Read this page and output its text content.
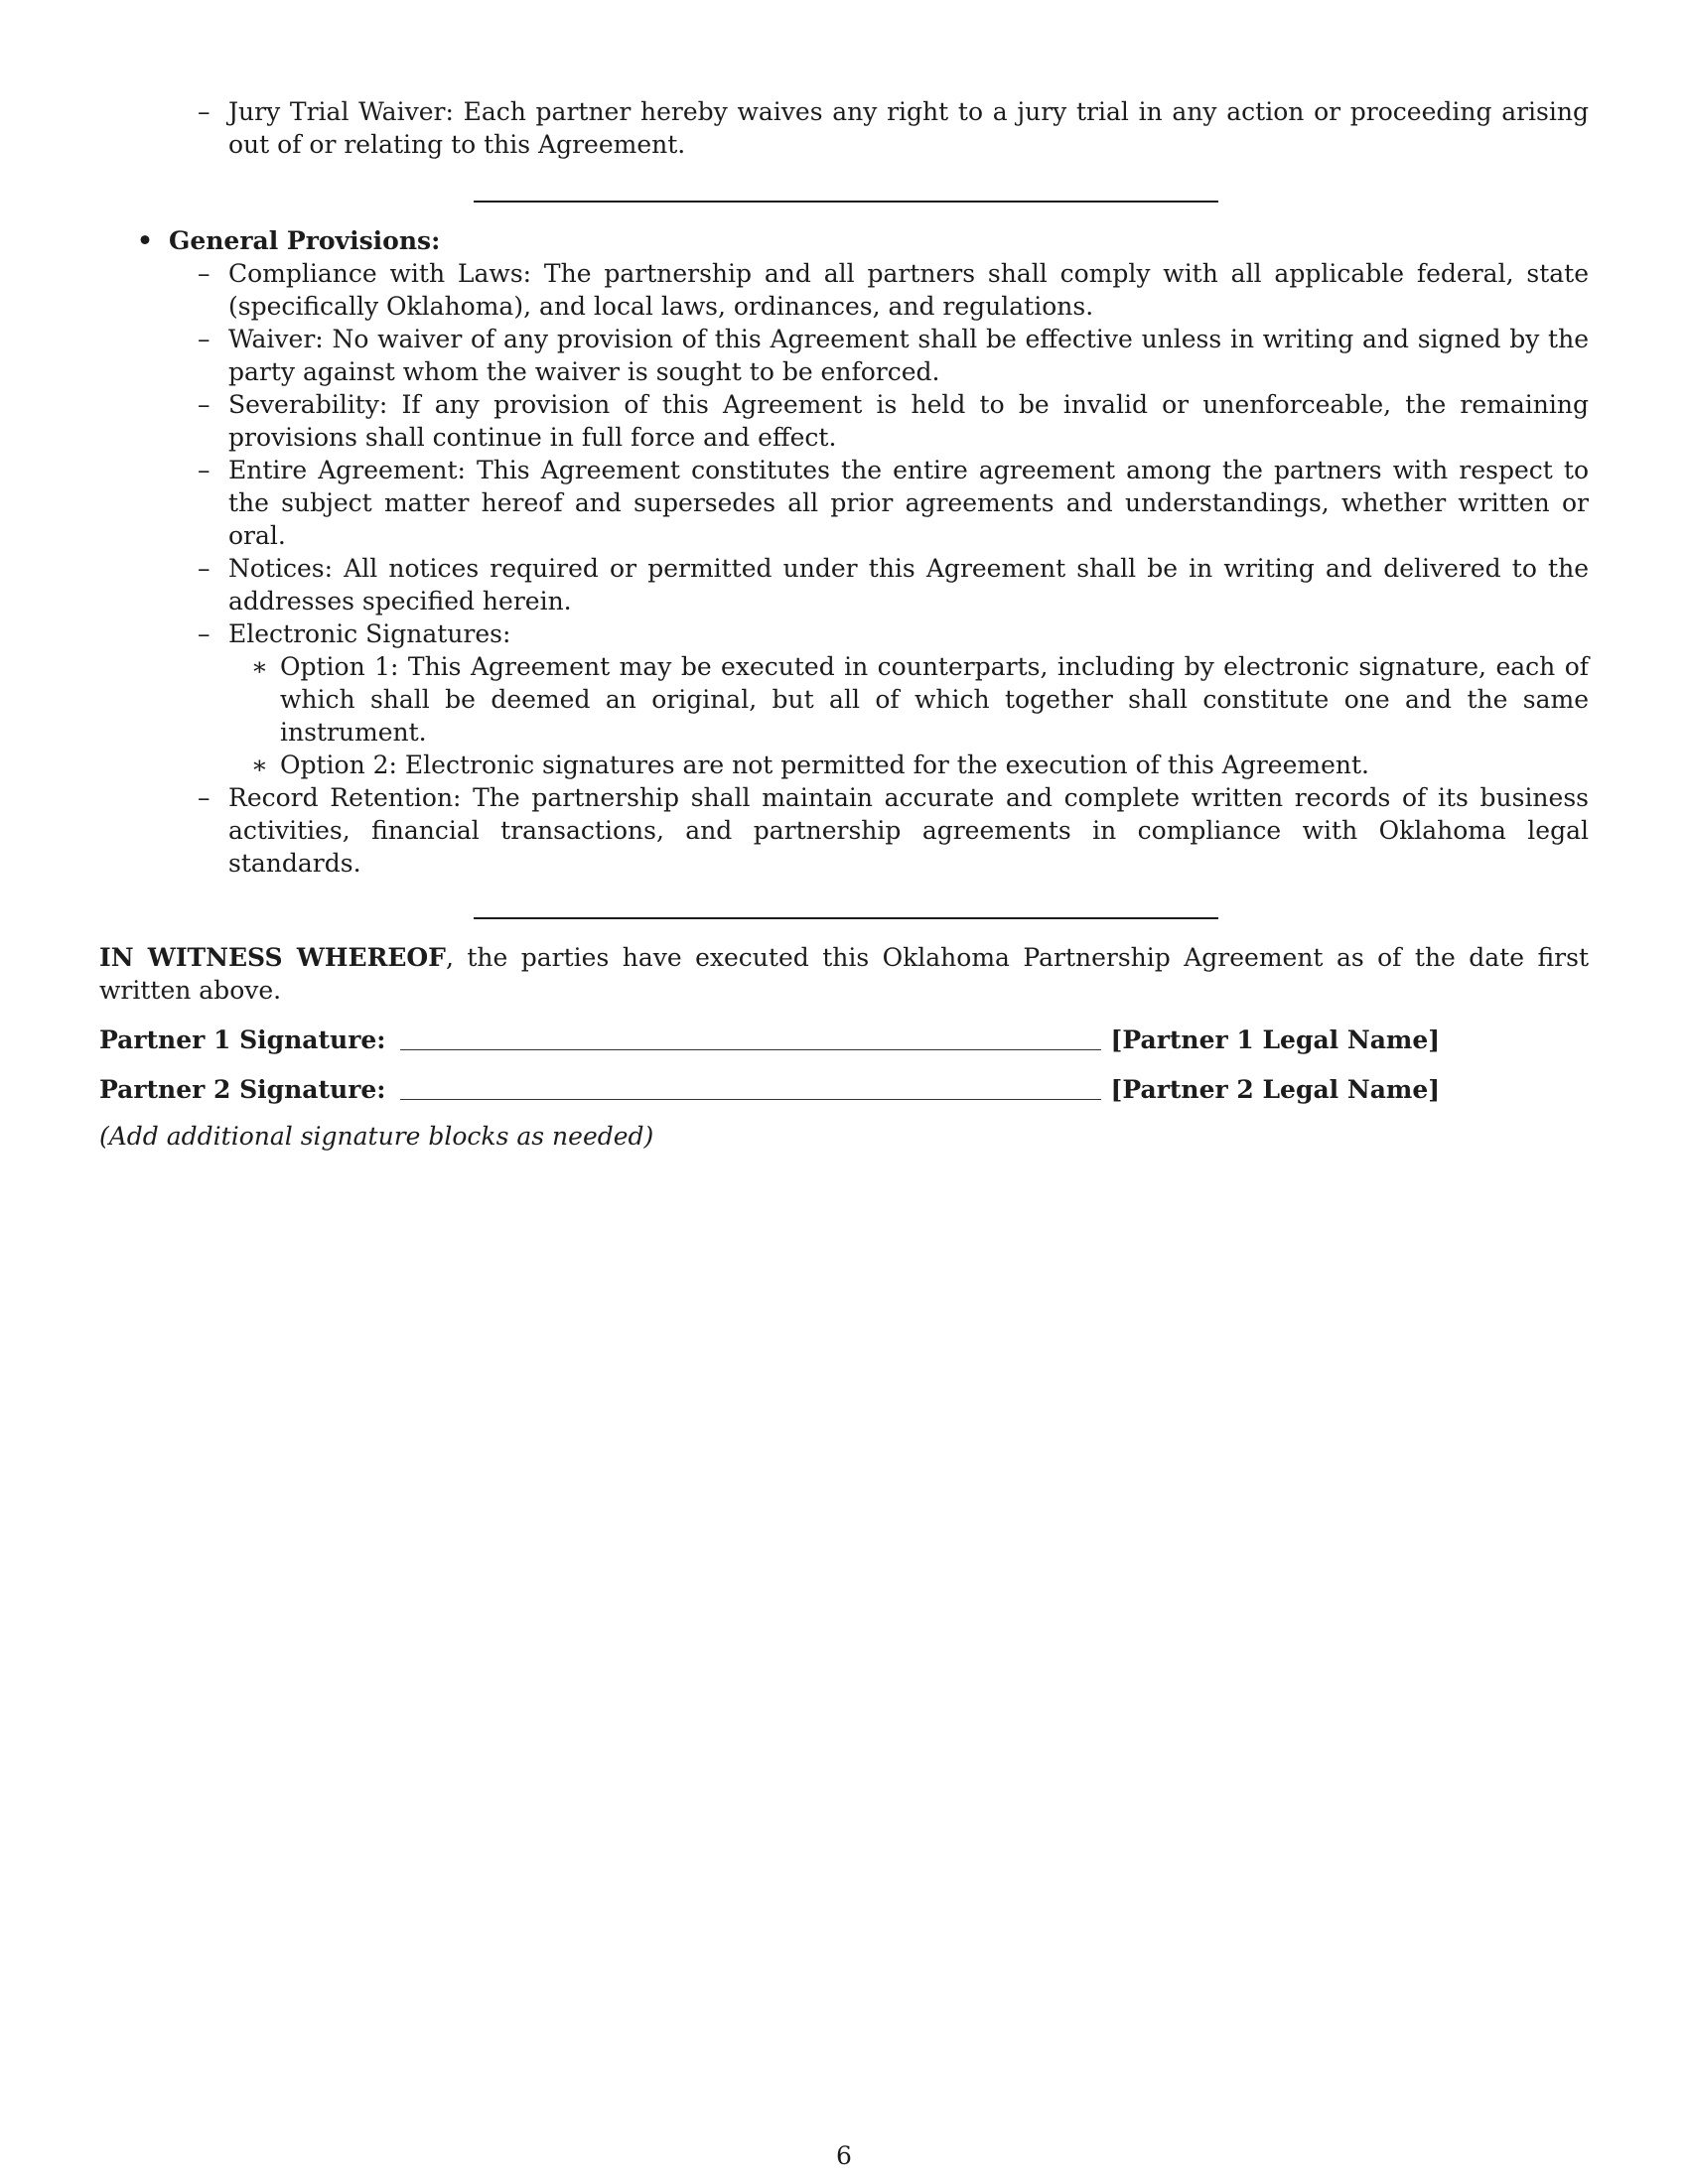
– Jury Trial Waiver: Each partner hereby waives any right to a jury trial in any action or proceeding arising out of or relating to this Agreement.
• General Provisions:
– Compliance with Laws: The partnership and all partners shall comply with all applicable federal, state (specifically Oklahoma), and local laws, ordinances, and regulations.
– Waiver: No waiver of any provision of this Agreement shall be effective unless in writing and signed by the party against whom the waiver is sought to be enforced.
– Severability: If any provision of this Agreement is held to be invalid or unenforceable, the remaining provisions shall continue in full force and effect.
– Entire Agreement: This Agreement constitutes the entire agreement among the partners with respect to the subject matter hereof and supersedes all prior agreements and understandings, whether written or oral.
– Notices: All notices required or permitted under this Agreement shall be in writing and delivered to the addresses specified herein.
– Electronic Signatures:
∗ Option 1: This Agreement may be executed in counterparts, including by electronic signature, each of which shall be deemed an original, but all of which together shall constitute one and the same instrument.
∗ Option 2: Electronic signatures are not permitted for the execution of this Agreement.
– Record Retention: The partnership shall maintain accurate and complete written records of its business activities, financial transactions, and partnership agreements in compliance with Oklahoma legal standards.
IN WITNESS WHEREOF, the parties have executed this Oklahoma Partnership Agreement as of the date first written above.
Partner 1 Signature:	[Partner 1 Legal Name]
Partner 2 Signature:	[Partner 2 Legal Name]
(Add additional signature blocks as needed)
6
